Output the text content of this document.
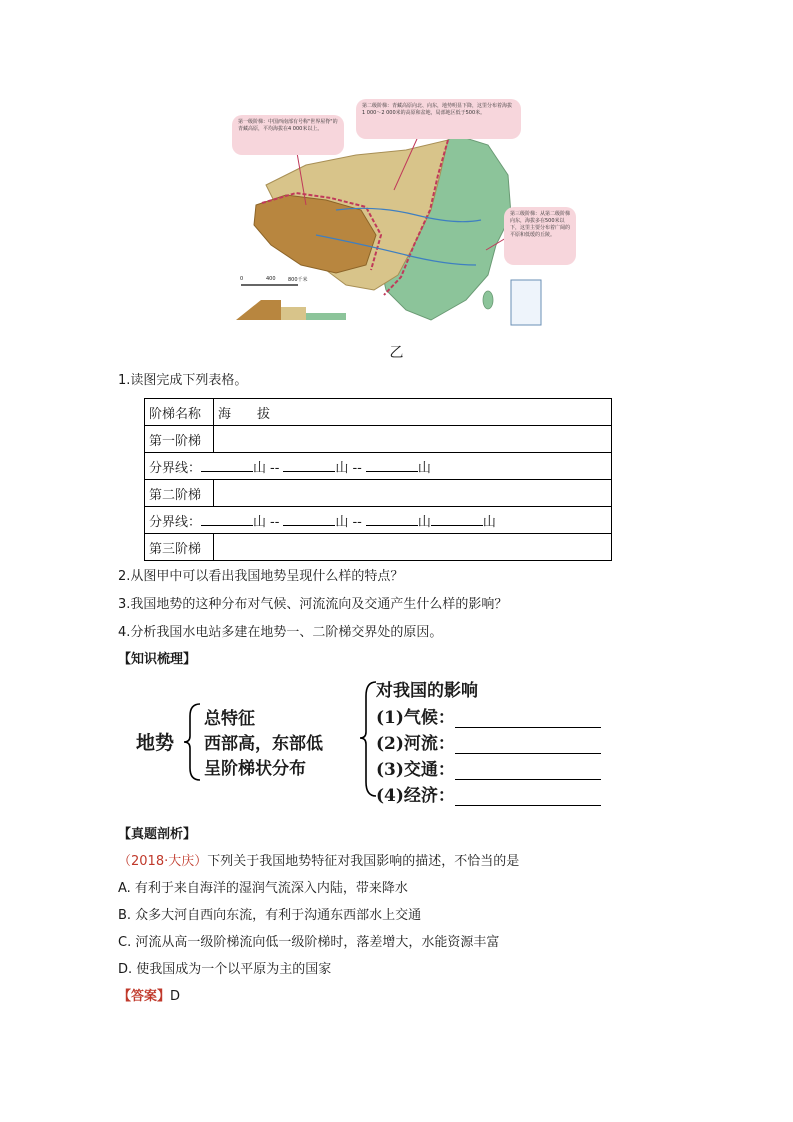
第一级阶梯：中国西南部有号称"世界屋脊"的青藏高原，平均海拔在4 000米以上。
第二级阶梯：青藏高原向北、向东，地势明显下降，这里分布着海拔1 000～2 000米的高原和盆地，局部地区低于500米。
第三级阶梯：从第二级阶梯向东，海拔多在500米以下，这里主要分布着广阔的平原和低缓的丘陵。
0	400 800千米
乙
1.读图完成下列表格。
阶梯名称	海　　拔
第一阶梯	
分界线： 山 -- 山 -- 山	
第二阶梯	
分界线： 山 -- 山 -- 山 山	
第三阶梯	
2.从图甲中可以看出我国地势呈现什么样的特点？
3.我国地势的这种分布对气候、河流流向及交通产生什么样的影响？
4.分析我国水电站多建在地势一、二阶梯交界处的原因。
【知识梳理】
地势
总特征
西部高，东部低
呈阶梯状分布
对我国的影响
(1)气候：
(2)河流：
(3)交通：
(4)经济：
【真题剖析】
（2018·大庆）下列关于我国地势特征对我国影响的描述，不恰当的是
A. 有利于来自海洋的湿润气流深入内陆，带来降水
B. 众多大河自西向东流，有利于沟通东西部水上交通
C. 河流从高一级阶梯流向低一级阶梯时，落差增大，水能资源丰富
D. 使我国成为一个以平原为主的国家
【答案】D
